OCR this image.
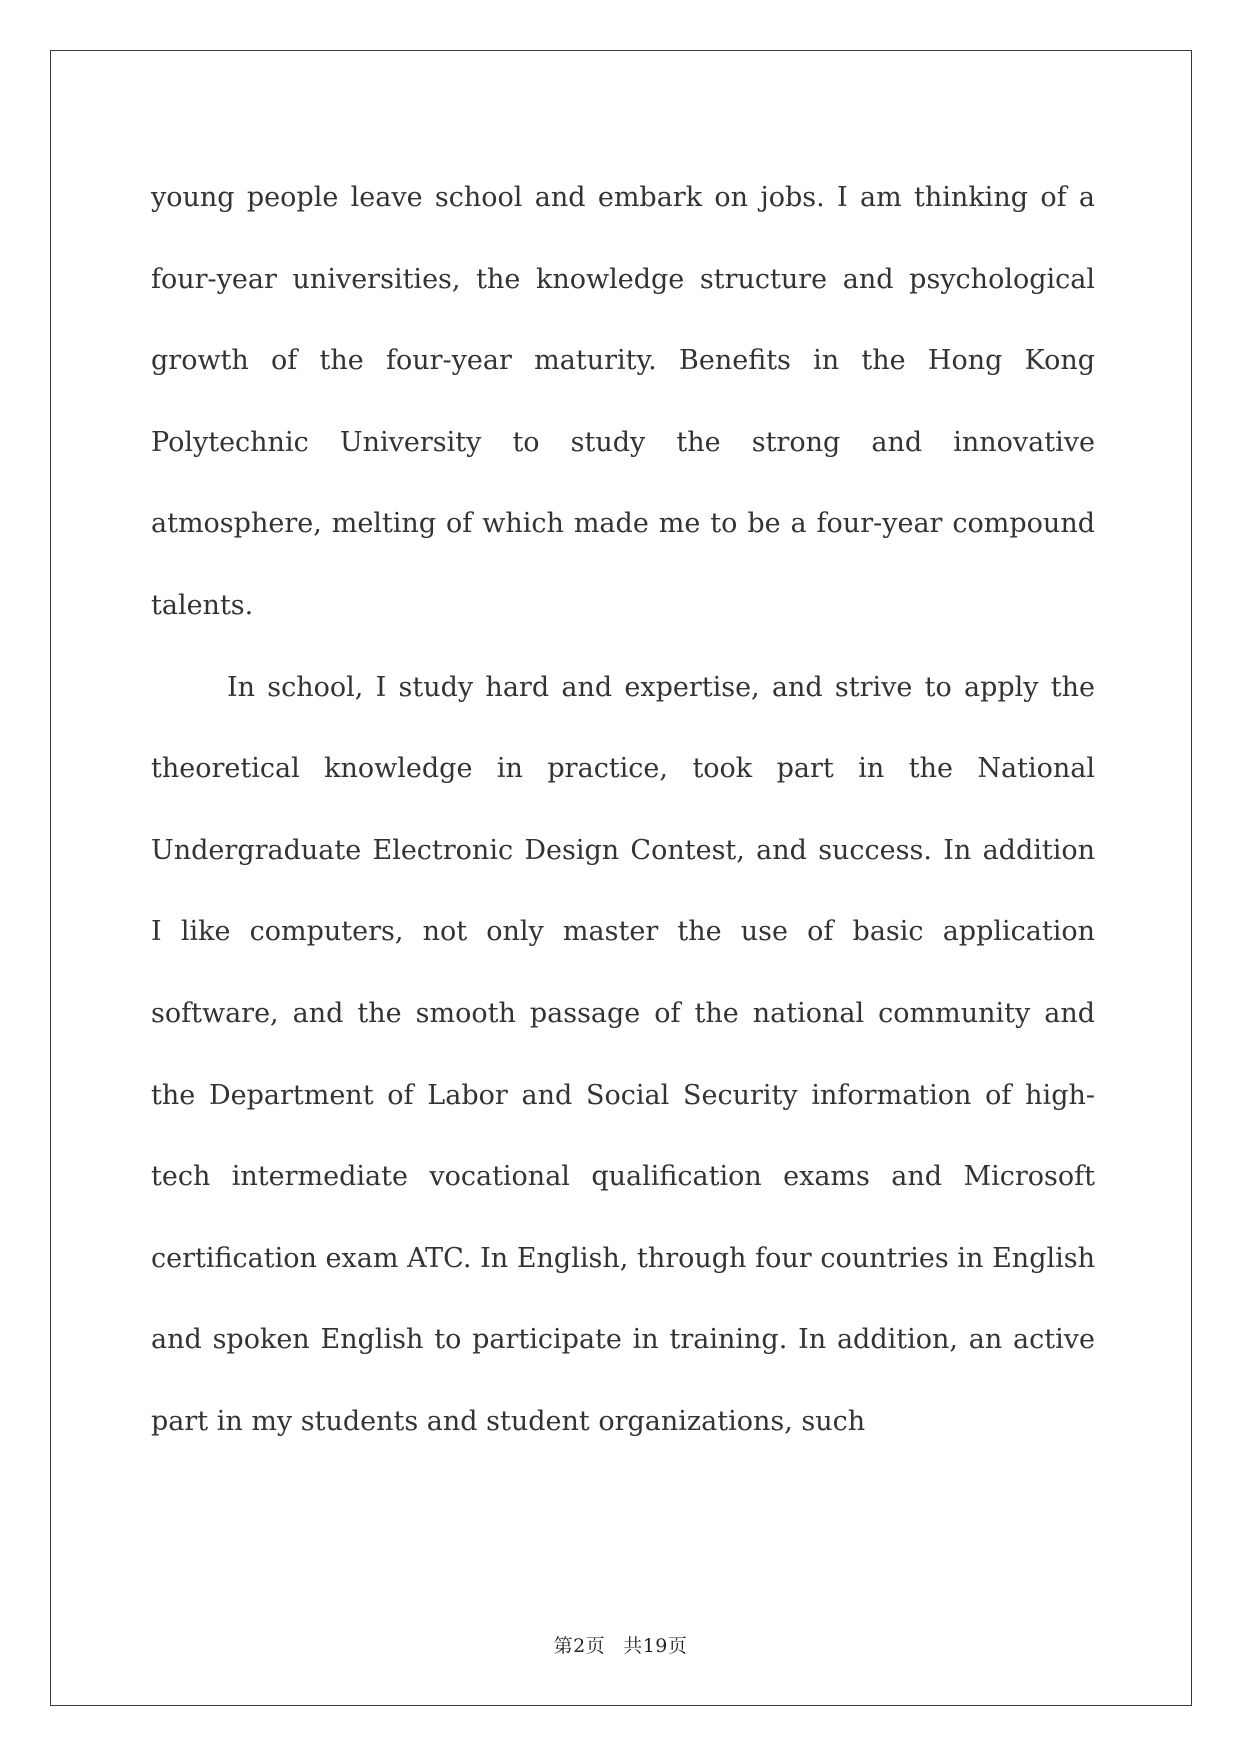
young people leave school and embark on jobs. I am thinking of a four-year universities, the knowledge structure and psychological growth of the four-year maturity. Benefits in the Hong Kong Polytechnic University to study the strong and innovative atmosphere, melting of which made me to be a four-year compound talents.

In school, I study hard and expertise, and strive to apply the theoretical knowledge in practice, took part in the National Undergraduate Electronic Design Contest, and success. In addition I like computers, not only master the use of basic application software, and the smooth passage of the national community and the Department of Labor and Social Security information of high-tech intermediate vocational qualification exams and Microsoft certification exam ATC. In English, through four countries in English and spoken English to participate in training. In addition, an active part in my students and student organizations, such

第2页 共19页
